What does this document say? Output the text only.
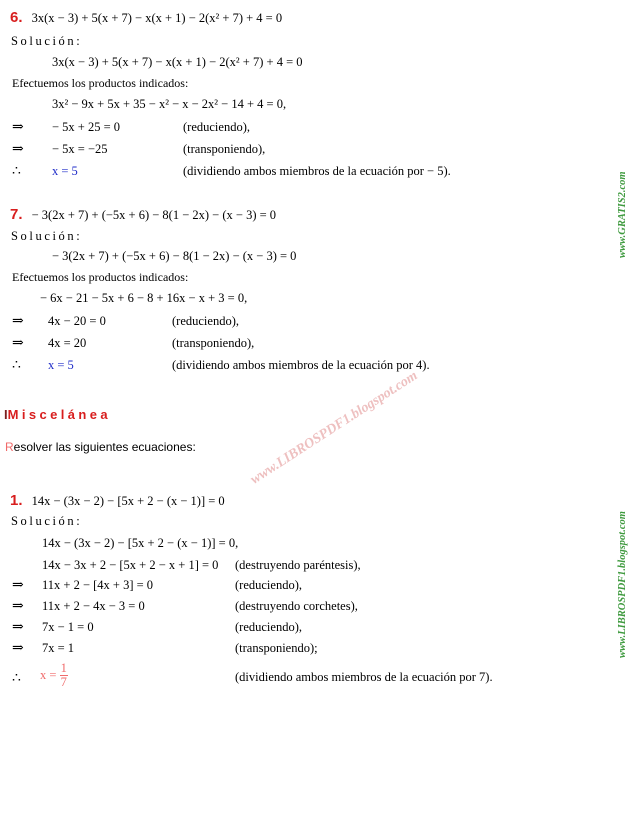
www.GRATIS2.com
www.LIBROSPDF1.blogspot.com
www.LIBROSPDF1.blogspot.com
6. 3x(x − 3) + 5(x + 7) − x(x + 1) − 2(x² + 7) + 4 = 0
Solución:
3x(x − 3) + 5(x + 7) − x(x + 1) − 2(x² + 7) + 4 = 0
Efectuemos los productos indicados:
3x² − 9x + 5x + 35 − x² − x − 2x² − 14 + 4 = 0,
⇒ − 5x + 25 = 0	(reduciendo),
⇒ − 5x = −25	(transponiendo),
∴ x = 5	(dividiendo ambos miembros de la ecuación por − 5).
7. − 3(2x + 7) + (−5x + 6) − 8(1 − 2x) − (x − 3) = 0
Solución:
− 3(2x + 7) + (−5x + 6) − 8(1 − 2x) − (x − 3) = 0
Efectuemos los productos indicados:
− 6x − 21 − 5x + 6 − 8 + 16x − x + 3 = 0,
⇒ 4x − 20 = 0	(reduciendo),
⇒ 4x = 20	(transponiendo),
∴ x = 5	(dividiendo ambos miembros de la ecuación por 4).
IMiscelánea
Resolver las siguientes ecuaciones:
1. 14x − (3x − 2) − [5x + 2 − (x − 1)] = 0
Solución:
14x − (3x − 2) − [5x + 2 − (x − 1)] = 0,
14x − 3x + 2 − [5x + 2 − x + 1] = 0 (destruyendo paréntesis),
⇒ 11x + 2 − [4x + 3] = 0	(reduciendo),
⇒ 11x + 2 − 4x − 3 = 0	(destruyendo corchetes),
⇒ 7x − 1 = 0	(reduciendo),
⇒ 7x = 1	(transponiendo);
∴ $x = \frac{1}{7}$	(dividiendo ambos miembros de la ecuación por 7).
